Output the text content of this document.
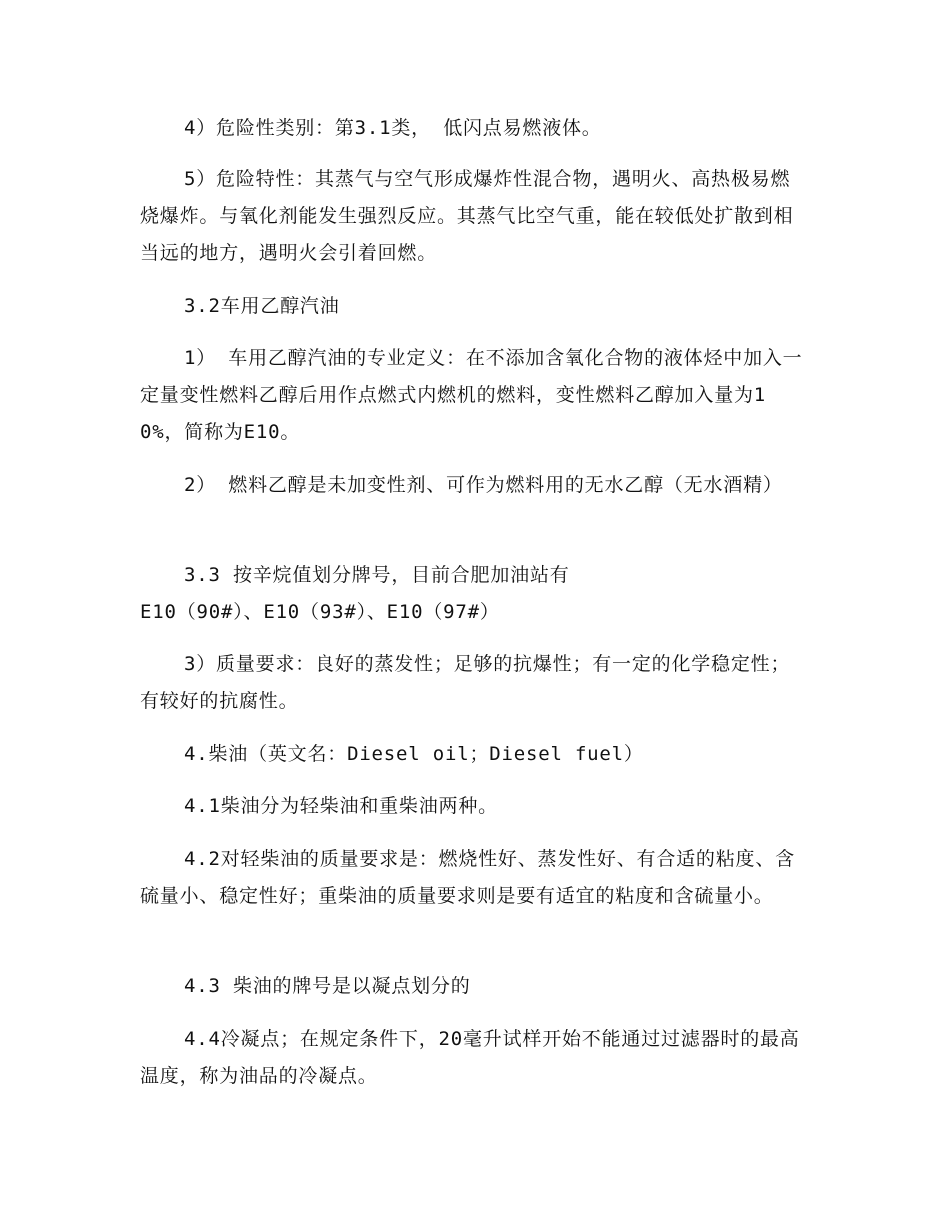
4）危险性类别：第3.1类， 低闪点易燃液体。

5）危险特性：其蒸气与空气形成爆炸性混合物，遇明火、高热极易燃烧爆炸。与氧化剂能发生强烈反应。其蒸气比空气重，能在较低处扩散到相当远的地方，遇明火会引着回燃。

3.2车用乙醇汽油

1） 车用乙醇汽油的专业定义：在不添加含氧化合物的液体烃中加入一定量变性燃料乙醇后用作点燃式内燃机的燃料，变性燃料乙醇加入量为10%，简称为E10。

2） 燃料乙醇是未加变性剂、可作为燃料用的无水乙醇（无水酒精）

3.3 按辛烷值划分牌号，目前合肥加油站有

E10（90#）、E10（93#）、E10（97#）

3）质量要求：良好的蒸发性；足够的抗爆性；有一定的化学稳定性；有较好的抗腐性。

4.柴油（英文名：Diesel oil；Diesel fuel）

4.1柴油分为轻柴油和重柴油两种。

4.2对轻柴油的质量要求是：燃烧性好、蒸发性好、有合适的粘度、含硫量小、稳定性好；重柴油的质量要求则是要有适宜的粘度和含硫量小。

4.3 柴油的牌号是以凝点划分的

4.4冷凝点；在规定条件下，20毫升试样开始不能通过过滤器时的最高温度，称为油品的冷凝点。
